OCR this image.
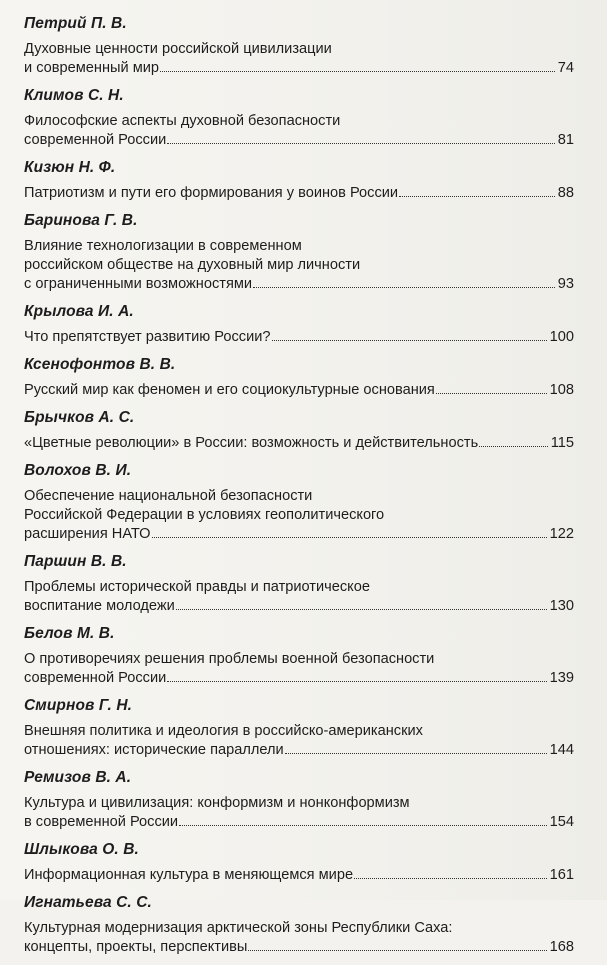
Петрий П. В.
Духовные ценности российской цивилизации
и современный мир	74
Климов С. Н.
Философские аспекты духовной безопасности
современной России	81
Кизюн Н. Ф.
Патриотизм и пути его формирования у воинов России	88
Баринова Г. В.
Влияние технологизации в современном
российском обществе на духовный мир личности
с ограниченными возможностями	93
Крылова И. А.
Что препятствует развитию России?	100
Ксенофонтов В. В.
Русский мир как феномен и его социокультурные основания	108
Брычков А. С.
«Цветные революции» в России: возможность и действительность	115
Волохов В. И.
Обеспечение национальной безопасности
Российской Федерации в условиях геополитического
расширения НАТО	122
Паршин В. В.
Проблемы исторической правды и патриотическое
воспитание молодежи	130
Белов М. В.
О противоречиях решения проблемы военной безопасности
современной России	139
Смирнов Г. Н.
Внешняя политика и идеология в российско-американских
отношениях: исторические параллели	144
Ремизов В. А.
Культура и цивилизация: конформизм и нонконформизм
в современной России	154
Шлыкова О. В.
Информационная культура в меняющемся мире	161
Игнатьева С. С.
Культурная модернизация арктической зоны Республики Саха:
концепты, проекты, перспективы	168
